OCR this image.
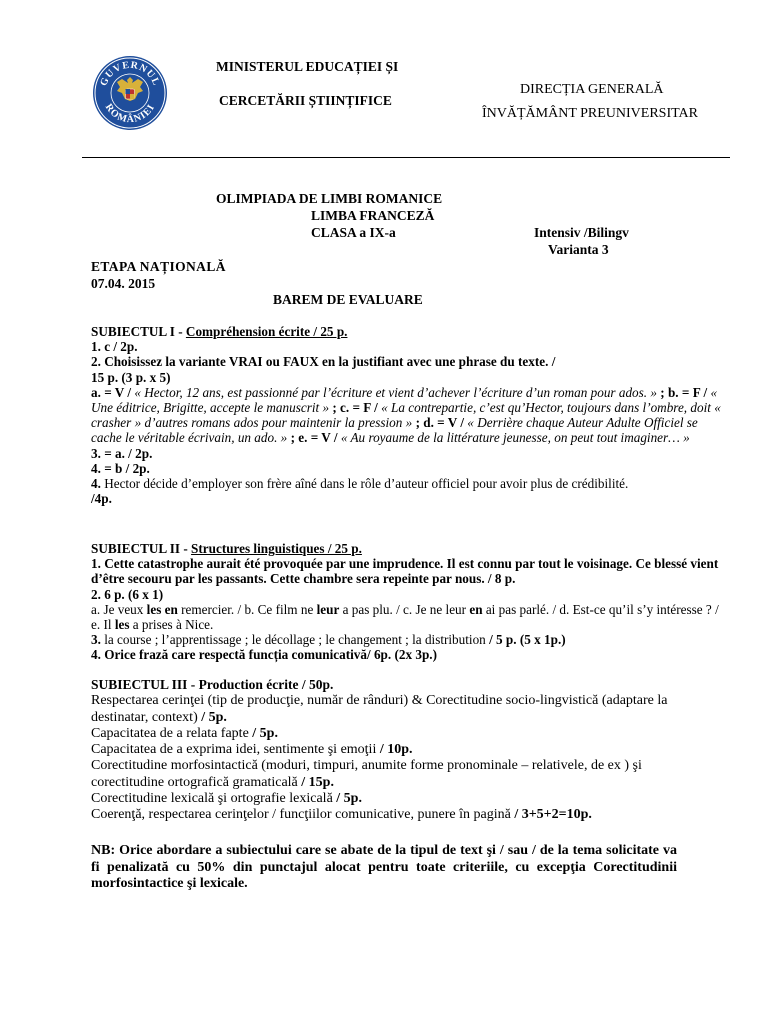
GUVERNUL
ROMÂNIEI
MINISTERUL EDUCAȚIEI ȘI
CERCETĂRII ȘTIINȚIFICE
DIRECȚIA GENERALĂ
ÎNVĂȚĂMÂNT PREUNIVERSITAR
OLIMPIADA DE LIMBI ROMANICE
LIMBA FRANCEZĂ
CLASA a IX-a	Intensiv /Bilingv
Varianta 3
ETAPA NAȚIONALĂ
07.04. 2015
BAREM DE EVALUARE

SUBIECTUL I - Compréhension écrite / 25 p.

1. c / 2p.

2. Choisissez la variante VRAI ou FAUX en la justifiant avec une phrase du texte. /

15 p. (3 p. x 5)

a. = V / « Hector, 12 ans, est passionné par l’écriture et vient d’achever l’écriture d’un roman pour ados. » ; b. = F / « Une éditrice, Brigitte, accepte le manuscrit » ; c. = F / « La contrepartie, c’est qu’Hector, toujours dans l’ombre, doit « crasher » d’autres romans ados pour maintenir la pression » ; d. = V / « Derrière chaque Auteur Adulte Officiel se cache le véritable écrivain, un ado. » ; e. = V / « Au royaume de la littérature jeunesse, on peut tout imaginer… »

3. = a. / 2p.

4. = b / 2p.

4. Hector décide d’employer son frère aîné dans le rôle d’auteur officiel pour avoir plus de crédibilité.

/4p.

SUBIECTUL II - Structures linguistiques / 25 p.

1. Cette catastrophe aurait été provoquée par une imprudence. Il est connu par tout le voisinage. Ce blessé vient d’être secouru par les passants. Cette chambre sera repeinte par nous. / 8 p.

2. 6 p. (6 x 1)

a. Je veux les en remercier. / b. Ce film ne leur a pas plu. / c. Je ne leur en ai pas parlé. / d. Est-ce qu’il s’y intéresse ? / e. Il les a prises à Nice.

3. la course ; l’apprentissage ; le décollage ; le changement ; la distribution / 5 p. (5 x 1p.)

4. Orice frază care respectă funcția comunicativă/ 6p. (2x 3p.)

SUBIECTUL III - Production écrite / 50p.

Respectarea cerinţei (tip de producţie, număr de rânduri) & Corectitudine socio-lingvistică (adaptare la destinatar, context) / 5p.

Capacitatea de a relata fapte / 5p.

Capacitatea de a exprima idei, sentimente şi emoţii / 10p.

Corectitudine morfosintactică (moduri, timpuri, anumite forme pronominale – relativele, de ex ) şi corectitudine ortografică gramaticală / 15p.

Corectitudine lexicală şi ortografie lexicală / 5p.

Coerenţă, respectarea cerinţelor / funcţiilor comunicative, punere în pagină / 3+5+2=10p.

NB: Orice abordare a subiectului care se abate de la tipul de text şi / sau / de la tema solicitate va fi penalizată cu 50% din punctajul alocat pentru toate criteriile, cu excepţia Corectitudinii morfosintactice şi lexicale.
